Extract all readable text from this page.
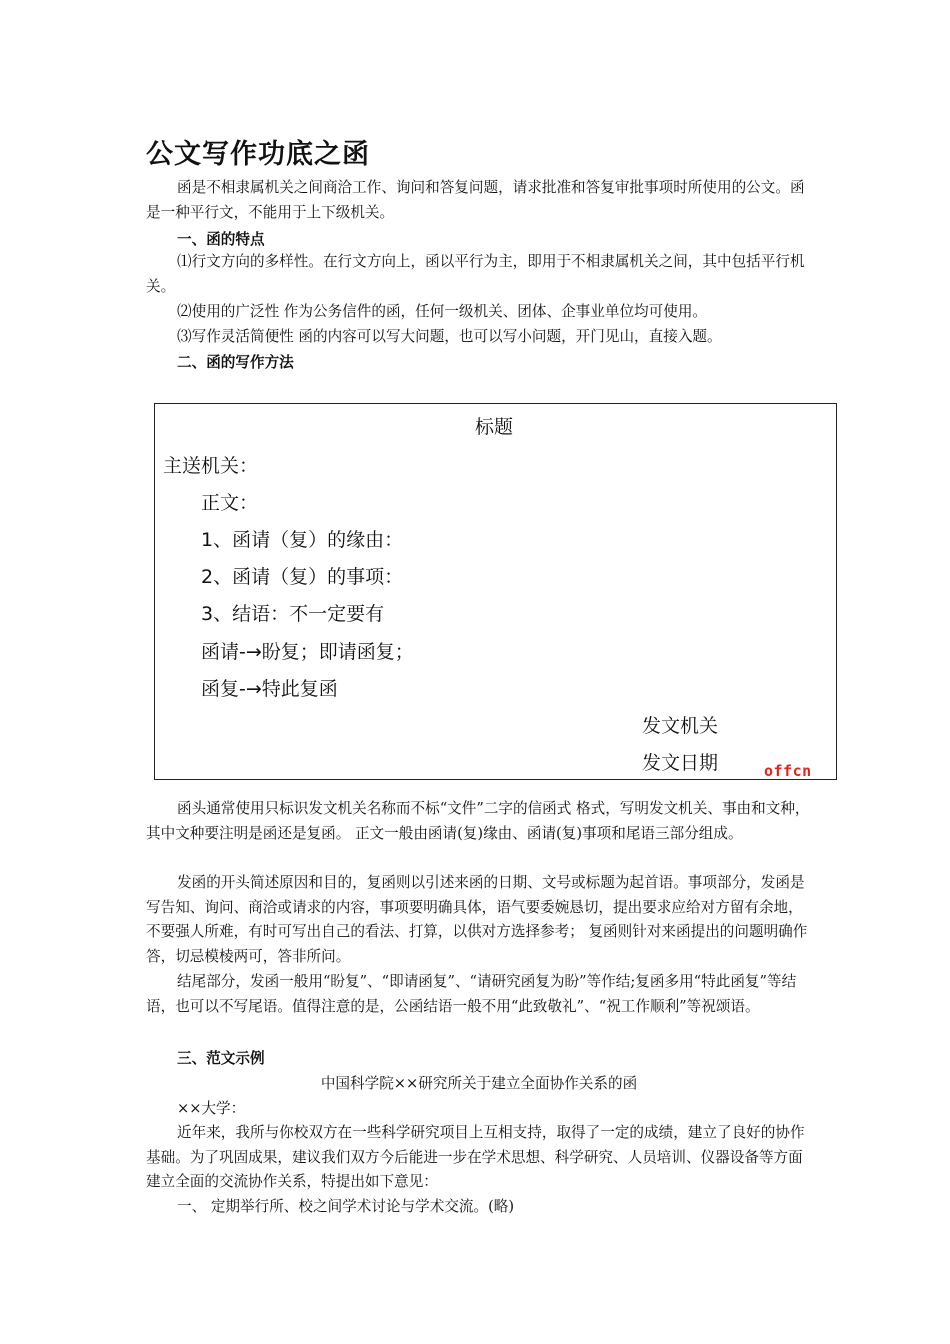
公文写作功底之函

函是不相隶属机关之间商洽工作、询问和答复问题，请求批准和答复审批事项时所使用的公文。函是一种平行文，不能用于上下级机关。

一、函的特点

⑴行文方向的多样性。在行文方向上，函以平行为主，即用于不相隶属机关之间，其中包括平行机关。

⑵使用的广泛性 作为公务信件的函，任何一级机关、团体、企事业单位均可使用。

⑶写作灵活简便性 函的内容可以写大问题，也可以写小问题，开门见山，直接入题。

二、函的写作方法

标题
主送机关：
正文：
1、函请（复）的缘由：
2、函请（复）的事项：
3、结语：不一定要有
函请-→盼复；即请函复；
函复-→特此复函
发文机关
发文日期	offcn

函头通常使用只标识发文机关名称而不标“文件”二字的信函式 格式，写明发文机关、事由和文种，其中文种要注明是函还是复函。 正文一般由函请(复)缘由、函请(复)事项和尾语三部分组成。

发函的开头简述原因和目的，复函则以引述来函的日期、文号或标题为起首语。事项部分，发函是写告知、询问、商洽或请求的内容，事项要明确具体，语气要委婉恳切，提出要求应给对方留有余地，不要强人所难，有时可写出自己的看法、打算，以供对方选择参考； 复函则针对来函提出的问题明确作答，切忌模棱两可，答非所问。

结尾部分，发函一般用“盼复”、“即请函复”、“请研究函复为盼”等作结;复函多用“特此函复”等结语，也可以不写尾语。值得注意的是，公函结语一般不用“此致敬礼”、“祝工作顺利”等祝颂语。

三、范文示例

中国科学院××研究所关于建立全面协作关系的函

××大学：

近年来，我所与你校双方在一些科学研究项目上互相支持，取得了一定的成绩，建立了良好的协作基础。为了巩固成果，建议我们双方今后能进一步在学术思想、科学研究、人员培训、仪器设备等方面建立全面的交流协作关系，特提出如下意见：

一、 定期举行所、校之间学术讨论与学术交流。(略)
